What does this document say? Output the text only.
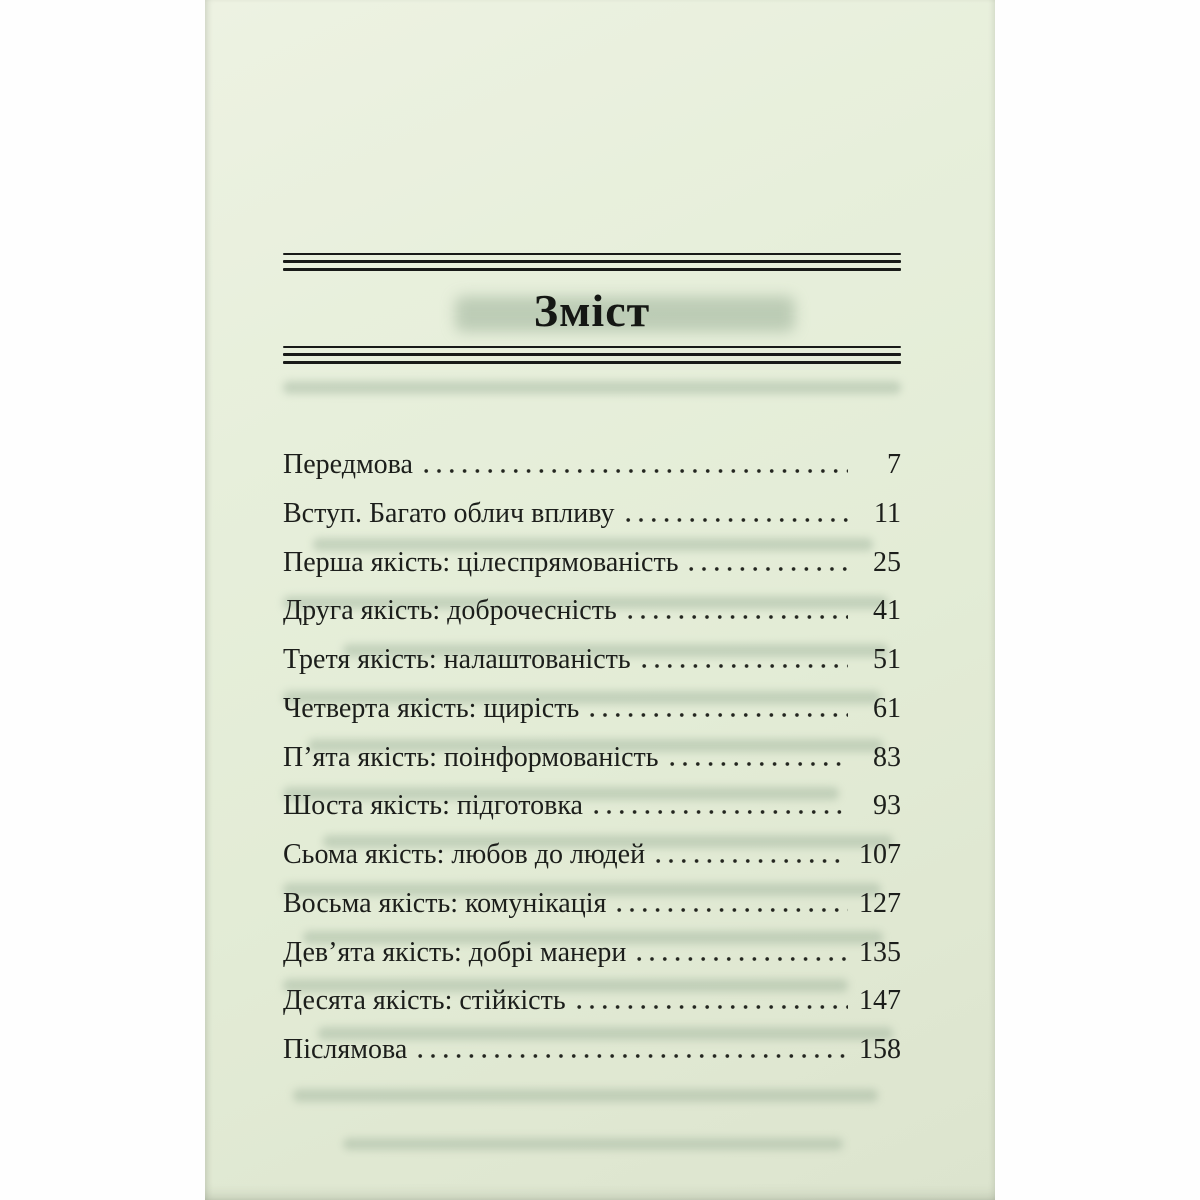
Зміст
Передмова	7
Вступ. Багато облич впливу	11
Перша якість: цілеспрямованість	25
Друга якість: доброчесність	41
Третя якість: налаштованість	51
Четверта якість: щирість	61
П’ята якість: поінформованість	83
Шоста якість: підготовка	93
Сьома якість: любов до людей	107
Восьма якість: комунікація	127
Дев’ята якість: добрі манери	135
Десята якість: стійкість	147
Післямова	158
